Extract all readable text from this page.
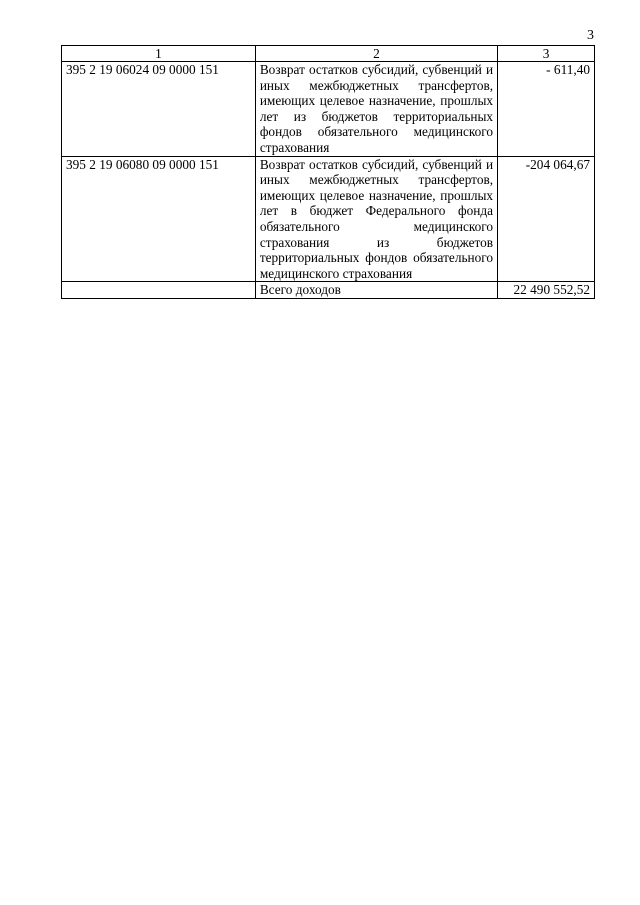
3
1	2	3
395 2 19 06024 09 0000 151	Возврат остатков субсидий, субвенций и иных межбюджетных трансфертов, имеющих целевое назначение, прошлых лет из бюджетов территориальных фондов обязательного медицинского страхования	- 611,40
395 2 19 06080 09 0000 151	Возврат остатков субсидий, субвенций и иных межбюджетных трансфертов, имеющих целевое назначение, прошлых лет в бюджет Федерального фонда обязательного медицинского страхования из бюджетов территориальных фондов обязательного медицинского страхования	-204 064,67
	Всего доходов	22 490 552,52
